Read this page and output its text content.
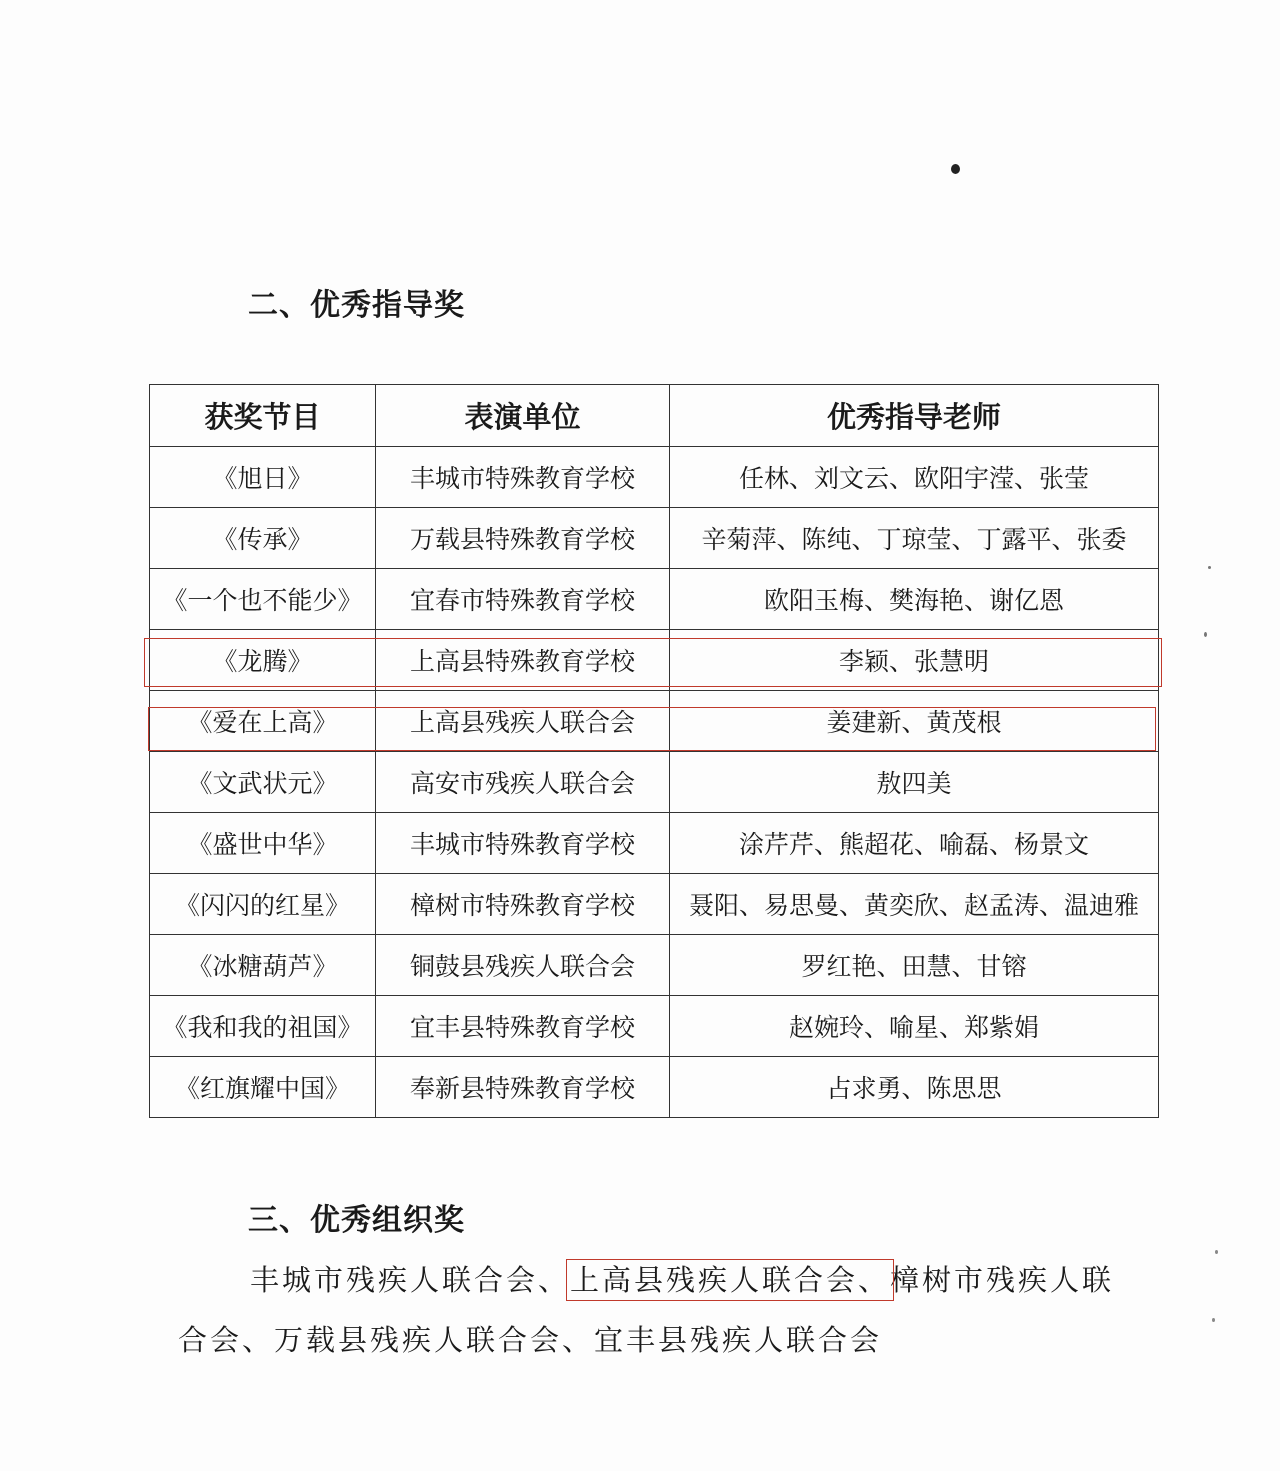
二、优秀指导奖
获奖节目	表演单位	优秀指导老师
《旭日》	丰城市特殊教育学校	任林、刘文云、欧阳宇滢、张莹
《传承》	万载县特殊教育学校	辛菊萍、陈纯、丁琼莹、丁露平、张委
《一个也不能少》	宜春市特殊教育学校	欧阳玉梅、樊海艳、谢亿恩
《龙腾》	上高县特殊教育学校	李颖、张慧明
《爱在上高》	上高县残疾人联合会	姜建新、黄茂根
《文武状元》	高安市残疾人联合会	敖四美
《盛世中华》	丰城市特殊教育学校	涂芹芹、熊超花、喻磊、杨景文
《闪闪的红星》	樟树市特殊教育学校	聂阳、易思曼、黄奕欣、赵孟涛、温迪雅
《冰糖葫芦》	铜鼓县残疾人联合会	罗红艳、田慧、甘镕
《我和我的祖国》	宜丰县特殊教育学校	赵婉玲、喻星、郑紫娟
《红旗耀中国》	奉新县特殊教育学校	占求勇、陈思思
三、优秀组织奖

丰城市残疾人联合会、上高县残疾人联合会、樟树市残疾人联合会、万载县残疾人联合会、宜丰县残疾人联合会
